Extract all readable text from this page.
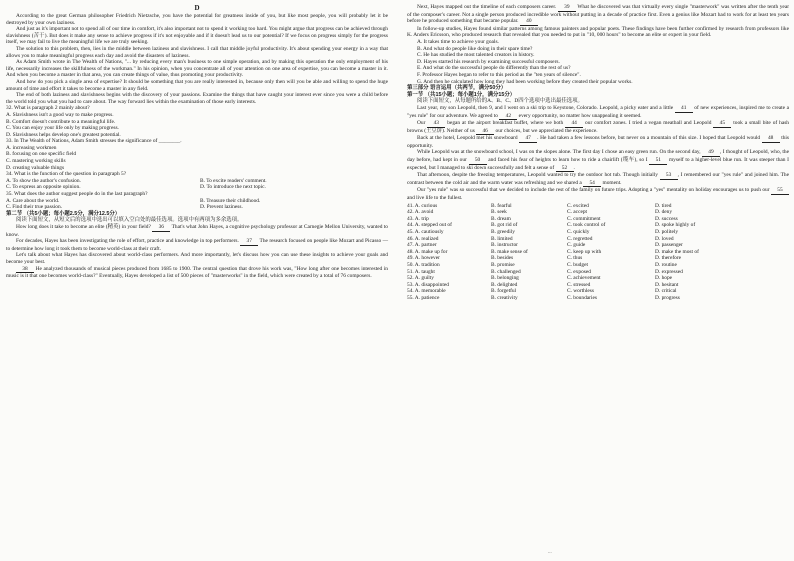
D

According to the great German philosopher Friedrich Nietzsche, you have the potential for greatness inside of you, but like most people, you will probably let it be destroyed by your own laziness.

And just as it's important not to spend all of our time in comfort, it's also important not to spend it working too hard. You might argue that progress can be achieved through slavishness (苦干). But does it make any sense to achieve progress if it's not enjoyable and if it doesn't lead us to our potential? If we focus on progress simply for the progress itself, we may fail to live the meaningful life we are truly seeking.

The solution to this problem, then, lies in the middle between laziness and slavishness. I call that middle joyful productivity. It's about spending your energy in a way that allows you to make meaningful progress each day and avoid the disasters of laziness.

As Adam Smith wrote in The Wealth of Nations, "... by reducing every man's business to one simple operation, and by making this operation the only employment of his life, necessarily increases the skillfulness of the workman." In his opinion, when you concentrate all of your attention on one area of expertise, you can become a master in it. And when you become a master in that area, you can create things of value, thus promoting your productivity.

And how do you pick a single area of expertise? It should be something that you are really interested in, because only then will you be able and willing to spend the huge amount of time and effort it takes to become a master in any field.

The end of both laziness and slavishness begins with the discovery of your passions. Examine the things that have caught your interest ever since you were a child before the world told you what you had to care about. The way forward lies within the examination of those early interests.

32. What is paragraph 2 mainly about?

A. Slavishness isn't a good way to make progress.

B. Comfort doesn't contribute to a meaningful life.

C. You can enjoy your life only by making progress.

D. Slavishness helps develop one's greatest potential.

33. In The Wealth of Nations, Adam Smith stresses the significance of ________.

A. increasing workmen

B. focusing on one specific field

C. mastering working skills

D. creating valuable things

34. What is the function of the question in paragraph 5?

A. To show the author's confusion.	B. To excite readers' comment.

C. To express an opposite opinion.	D. To introduce the next topic.

35. What does the author suggest people do in the last paragraph?

A. Care about the world.	B. Treasure their childhood.

C. Find their true passion.	D. Prevent laziness.

第二节 （共5小题；每小题2.5分，满分12.5分）

阅读下面短文，从短文后的选项中选出可以填入空白处的最佳选项。选项中有两项为多余选项。

How long does it take to become an elite (精英) in your field? 36 That's what John Hayes, a cognitive psychology professor at Carnegie Mellon University, wanted to know.

For decades, Hayes has been investigating the role of effort, practice and knowledge in top performers. 37 The research focused on people like Mozart and Picasso — to determine how long it took them to become world-class at their craft.

Let's talk about what Hayes has discovered about world-class performers. And more importantly, let's discuss how you can use these insights to achieve your goals and become your best.

38 He analyzed thousands of musical pieces produced from 1685 to 1900. The central question that drove his work was, "How long after one becomes interested in music is it that one becomes world-class?" Eventually, Hayes developed a list of 500 pieces of "masterworks" in the field, which were created by a total of 76 composers.

Next, Hayes mapped out the timeline of each composers career. 39 What he discovered was that virtually every single "masterwork" was written after the tenth year of the composer's career. Not a single person produced incredible work without putting in a decade of practice first. Even a genius like Mozart had to work for at least ten years before he produced something that became popular. 40

In follow-up studies, Hayes found similar patterns among famous painters and popular poets. These findings have been further confirmed by research from professors like K. Anders Ericsson, who produced research that revealed that you needed to put in "10, 000 hours" to become an elite or expert in your field.

A. It takes time to achieve your goals.

B. And what do people like doing in their spare time?

C. He has studied the most talented creators in history.

D. Hayes started his research by examining successful composers.

E. And what do the successful people do differently than the rest of us?

F. Professor Hayes began to refer to this period as the "ten years of silence".

G. And then he calculated how long they had been working before they created their popular works.

第三部分 语言运用（共两节，满分50分）

第一节 （共15小题；每小题1分，满分15分）

阅读下面短文，从每题所给的A、B、C、D四个选项中选出最佳选项。

Last year, my son Leopold, then 9, and I went on a ski trip to Keystone, Colorado. Leopold, a picky eater and a little 41 of new experiences, inspired me to create a "yes rule" for our adventure. We agreed to 42 every opportunity, no matter how unappealing it seemed.

Our 43 began at the airport breakfast buffet, where we both 44 our comfort zones. I tried a vegan meatball and Leopold 45 took a small bite of hash browns (土豆饼). Neither of us 46 our choices, but we appreciated the experience.

Back at the hotel, Leopold met his snowboard 47 . He had taken a few lessons before, but never on a mountain of this size. I hoped that Leopold would 48 this opportunity.

While Leopold was at the snowboard school, I was on the slopes alone. The first day I chose an easy green run. On the second day, 49 , I thought of Leopold, who, the day before, had kept in our 50 and faced his fear of heights to learn how to ride a chairlift (缆车), so I 51 myself to a higher-level blue run. It was steeper than I expected, but I managed to ski down successfully and felt a sense of 52 .

That afternoon, despite the freezing temperatures, Leopold wanted to try the outdoor hot tub. Though initially 53 , I remembered our "yes rule" and joined him. The contrast between the cold air and the warm water was refreshing and we shared a 54 moment.

Our "yes rule" was so successful that we decided to include the rest of the family on future trips. Adopting a "yes" mentality on holiday encourages us to push our 55 and live life to the fullest.

41. A. curious	B. fearful	C. excited	D. tired
42. A. avoid	B. seek	C. accept	D. deny
43. A. trip	B. dream	C. commitment	D. success
44. A. stepped out of	B. got rid of	C. took control of	D. spoke highly of
45. A. cautiously	B. greedily	C. quickly	D. politely
46. A. realized	B. limited	C. regretted	D. loved
47. A. partner	B. instructor	C. guide	D. passenger
48. A. make up for	B. make sense of	C. keep up with	D. make the most of
49. A. however	B. besides	C. thus	D. therefore
50. A. tradition	B. promise	C. budget	D. routine
51. A. taught	B. challenged	C. exposed	D. expressed
52. A. guilty	B. belonging	C. achievement	D. hope
53. A. disappointed	B. delighted	C. stressed	D. hesitant
54. A. memorable	B. forgetful	C. worthless	D. critical
55. A. patience	B. creativity	C. boundaries	D. progress
...
